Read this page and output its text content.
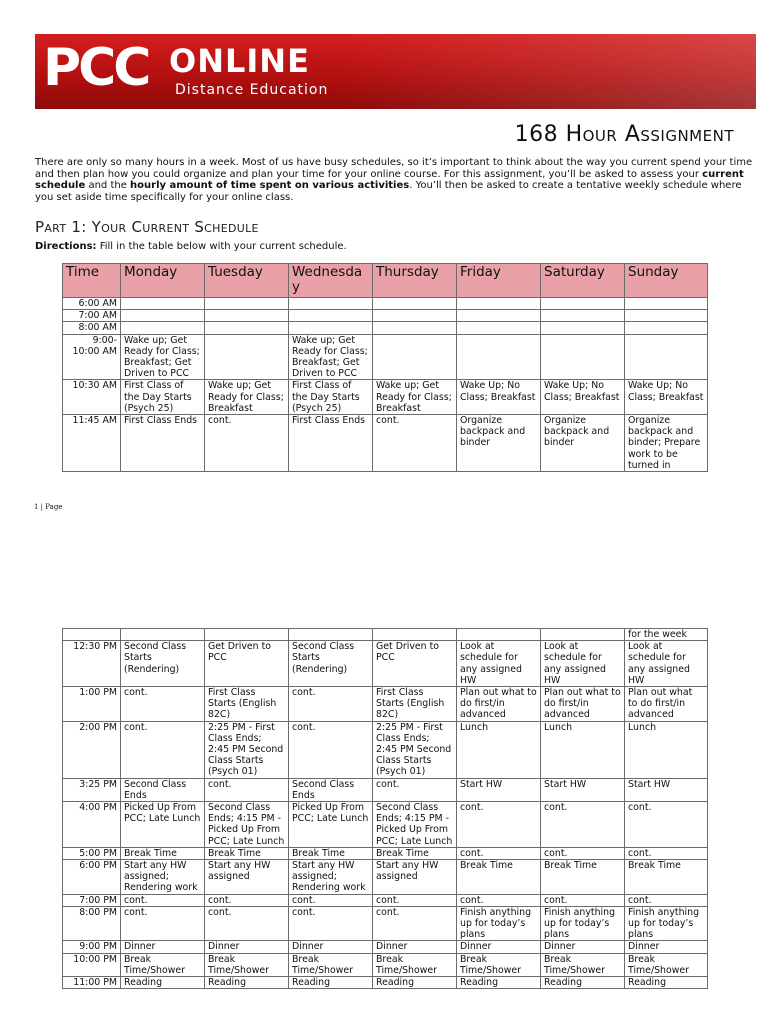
PCC ONLINE
Distance Education
168 Hour Assignment

There are only so many hours in a week. Most of us have busy schedules, so it’s important to think about the way you current spend your time and then plan how you could organize and plan your time for your online course. For this assignment, you’ll be asked to assess your current schedule and the hourly amount of time spent on various activities. You’ll then be asked to create a tentative weekly schedule where you set aside time specifically for your online class.

Part 1: Your Current Schedule
Directions: Fill in the table below with your current schedule.
Time	Monday	Tuesday	Wednesday	Thursday	Friday	Saturday	Sunday
6:00 AM							
7:00 AM							
8:00 AM							
9:00-10:00 AM	Wake up; Get Ready for Class; Breakfast; Get Driven to PCC		Wake up; Get Ready for Class; Breakfast; Get Driven to PCC				
10:30 AM	First Class of the Day Starts (Psych 25)	Wake up; Get Ready for Class; Breakfast	First Class of the Day Starts (Psych 25)	Wake up; Get Ready for Class; Breakfast	Wake Up; No Class; Breakfast	Wake Up; No Class; Breakfast	Wake Up; No Class; Breakfast
11:45 AM	First Class Ends	cont.	First Class Ends	cont.	Organize backpack and binder	Organize backpack and binder	Organize backpack and binder; Prepare work to be turned in
1 | Page
							for the week
12:30 PM	Second Class Starts (Rendering)	Get Driven to PCC	Second Class Starts (Rendering)	Get Driven to PCC	Look at schedule for any assigned HW	Look at schedule for any assigned HW	Look at schedule for any assigned HW
1:00 PM	cont.	First Class Starts (English 82C)	cont.	First Class Starts (English 82C)	Plan out what to do first/in advanced	Plan out what to do first/in advanced	Plan out what to do first/in advanced
2:00 PM	cont.	2:25 PM - First Class Ends; 2:45 PM Second Class Starts (Psych 01)	cont.	2:25 PM - First Class Ends; 2:45 PM Second Class Starts (Psych 01)	Lunch	Lunch	Lunch
3:25 PM	Second Class Ends	cont.	Second Class Ends	cont.	Start HW	Start HW	Start HW
4:00 PM	Picked Up From PCC; Late Lunch	Second Class Ends; 4:15 PM - Picked Up From PCC; Late Lunch	Picked Up From PCC; Late Lunch	Second Class Ends; 4:15 PM - Picked Up From PCC; Late Lunch	cont.	cont.	cont.
5:00 PM	Break Time	Break Time	Break Time	Break Time	cont.	cont.	cont.
6:00 PM	Start any HW assigned; Rendering work	Start any HW assigned	Start any HW assigned; Rendering work	Start any HW assigned	Break Time	Break Time	Break Time
7:00 PM	cont.	cont.	cont.	cont.	cont.	cont.	cont.
8:00 PM	cont.	cont.	cont.	cont.	Finish anything up for today’s plans	Finish anything up for today’s plans	Finish anything up for today’s plans
9:00 PM	Dinner	Dinner	Dinner	Dinner	Dinner	Dinner	Dinner
10:00 PM	Break Time/Shower	Break Time/Shower	Break Time/Shower	Break Time/Shower	Break Time/Shower	Break Time/Shower	Break Time/Shower
11:00 PM	Reading	Reading	Reading	Reading	Reading	Reading	Reading
